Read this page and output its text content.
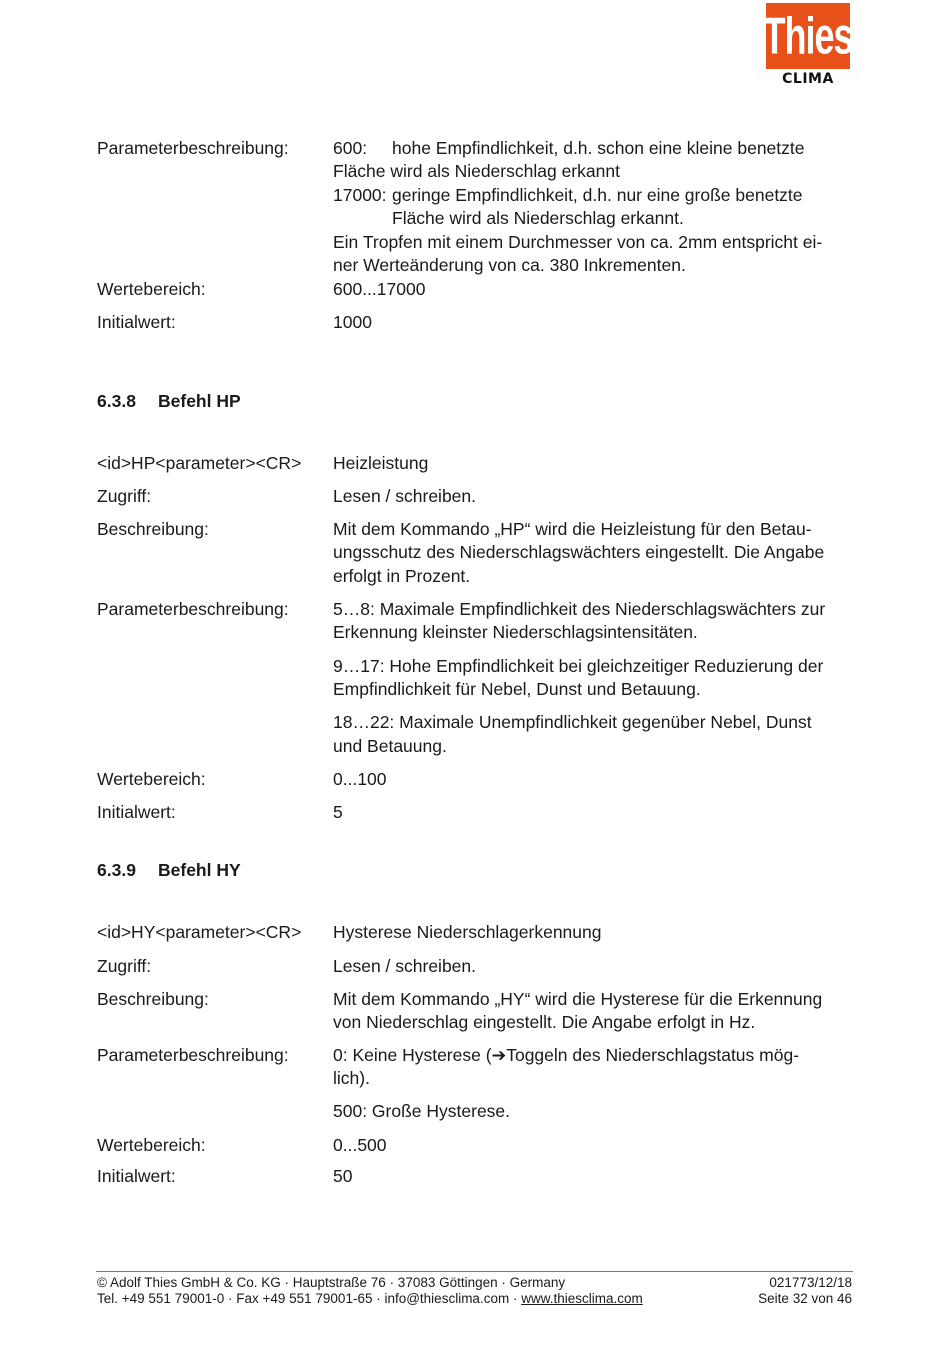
Thies
CLIMA
Parameterbeschreibung:	600: hohe Empfindlichkeit, d.h. schon eine kleine benetzte
Fläche wird als Niederschlag erkannt
17000: geringe Empfindlichkeit, d.h. nur eine große benetzte
Fläche wird als Niederschlag erkannt.
Ein Tropfen mit einem Durchmesser von ca. 2mm entspricht ei-
ner Werteänderung von ca. 380 Inkrementen.
Wertebereich:	600...17000
Initialwert:	1000
6.3.8 Befehl HP
<id>HP<parameter><CR> Heizleistung
Zugriff:	Lesen / schreiben.
Beschreibung:	Mit dem Kommando „HP“ wird die Heizleistung für den Betau-
ungsschutz des Niederschlagswächters eingestellt. Die Angabe
erfolgt in Prozent.
Parameterbeschreibung:	5…8: Maximale Empfindlichkeit des Niederschlagswächters zur
Erkennung kleinster Niederschlagsintensitäten.
9…17: Hohe Empfindlichkeit bei gleichzeitiger Reduzierung der
Empfindlichkeit für Nebel, Dunst und Betauung.
18…22: Maximale Unempfindlichkeit gegenüber Nebel, Dunst
und Betauung.
Wertebereich:	0...100
Initialwert:	5
6.3.9 Befehl HY
<id>HY<parameter><CR> Hysterese Niederschlagerkennung
Zugriff:	Lesen / schreiben.
Beschreibung:	Mit dem Kommando „HY“ wird die Hysterese für die Erkennung
von Niederschlag eingestellt. Die Angabe erfolgt in Hz.
Parameterbeschreibung:	0: Keine Hysterese (➔Toggeln des Niederschlagstatus mög-
lich).
500: Große Hysterese.
Wertebereich:	0...500
Initialwert:	50
© Adolf Thies GmbH & Co. KG · Hauptstraße 76 · 37083 Göttingen · Germany	021773/12/18
Tel. +49 551 79001-0 · Fax +49 551 79001-65 · info@thiesclima.com · www.thiesclima.com	Seite 32 von 46
